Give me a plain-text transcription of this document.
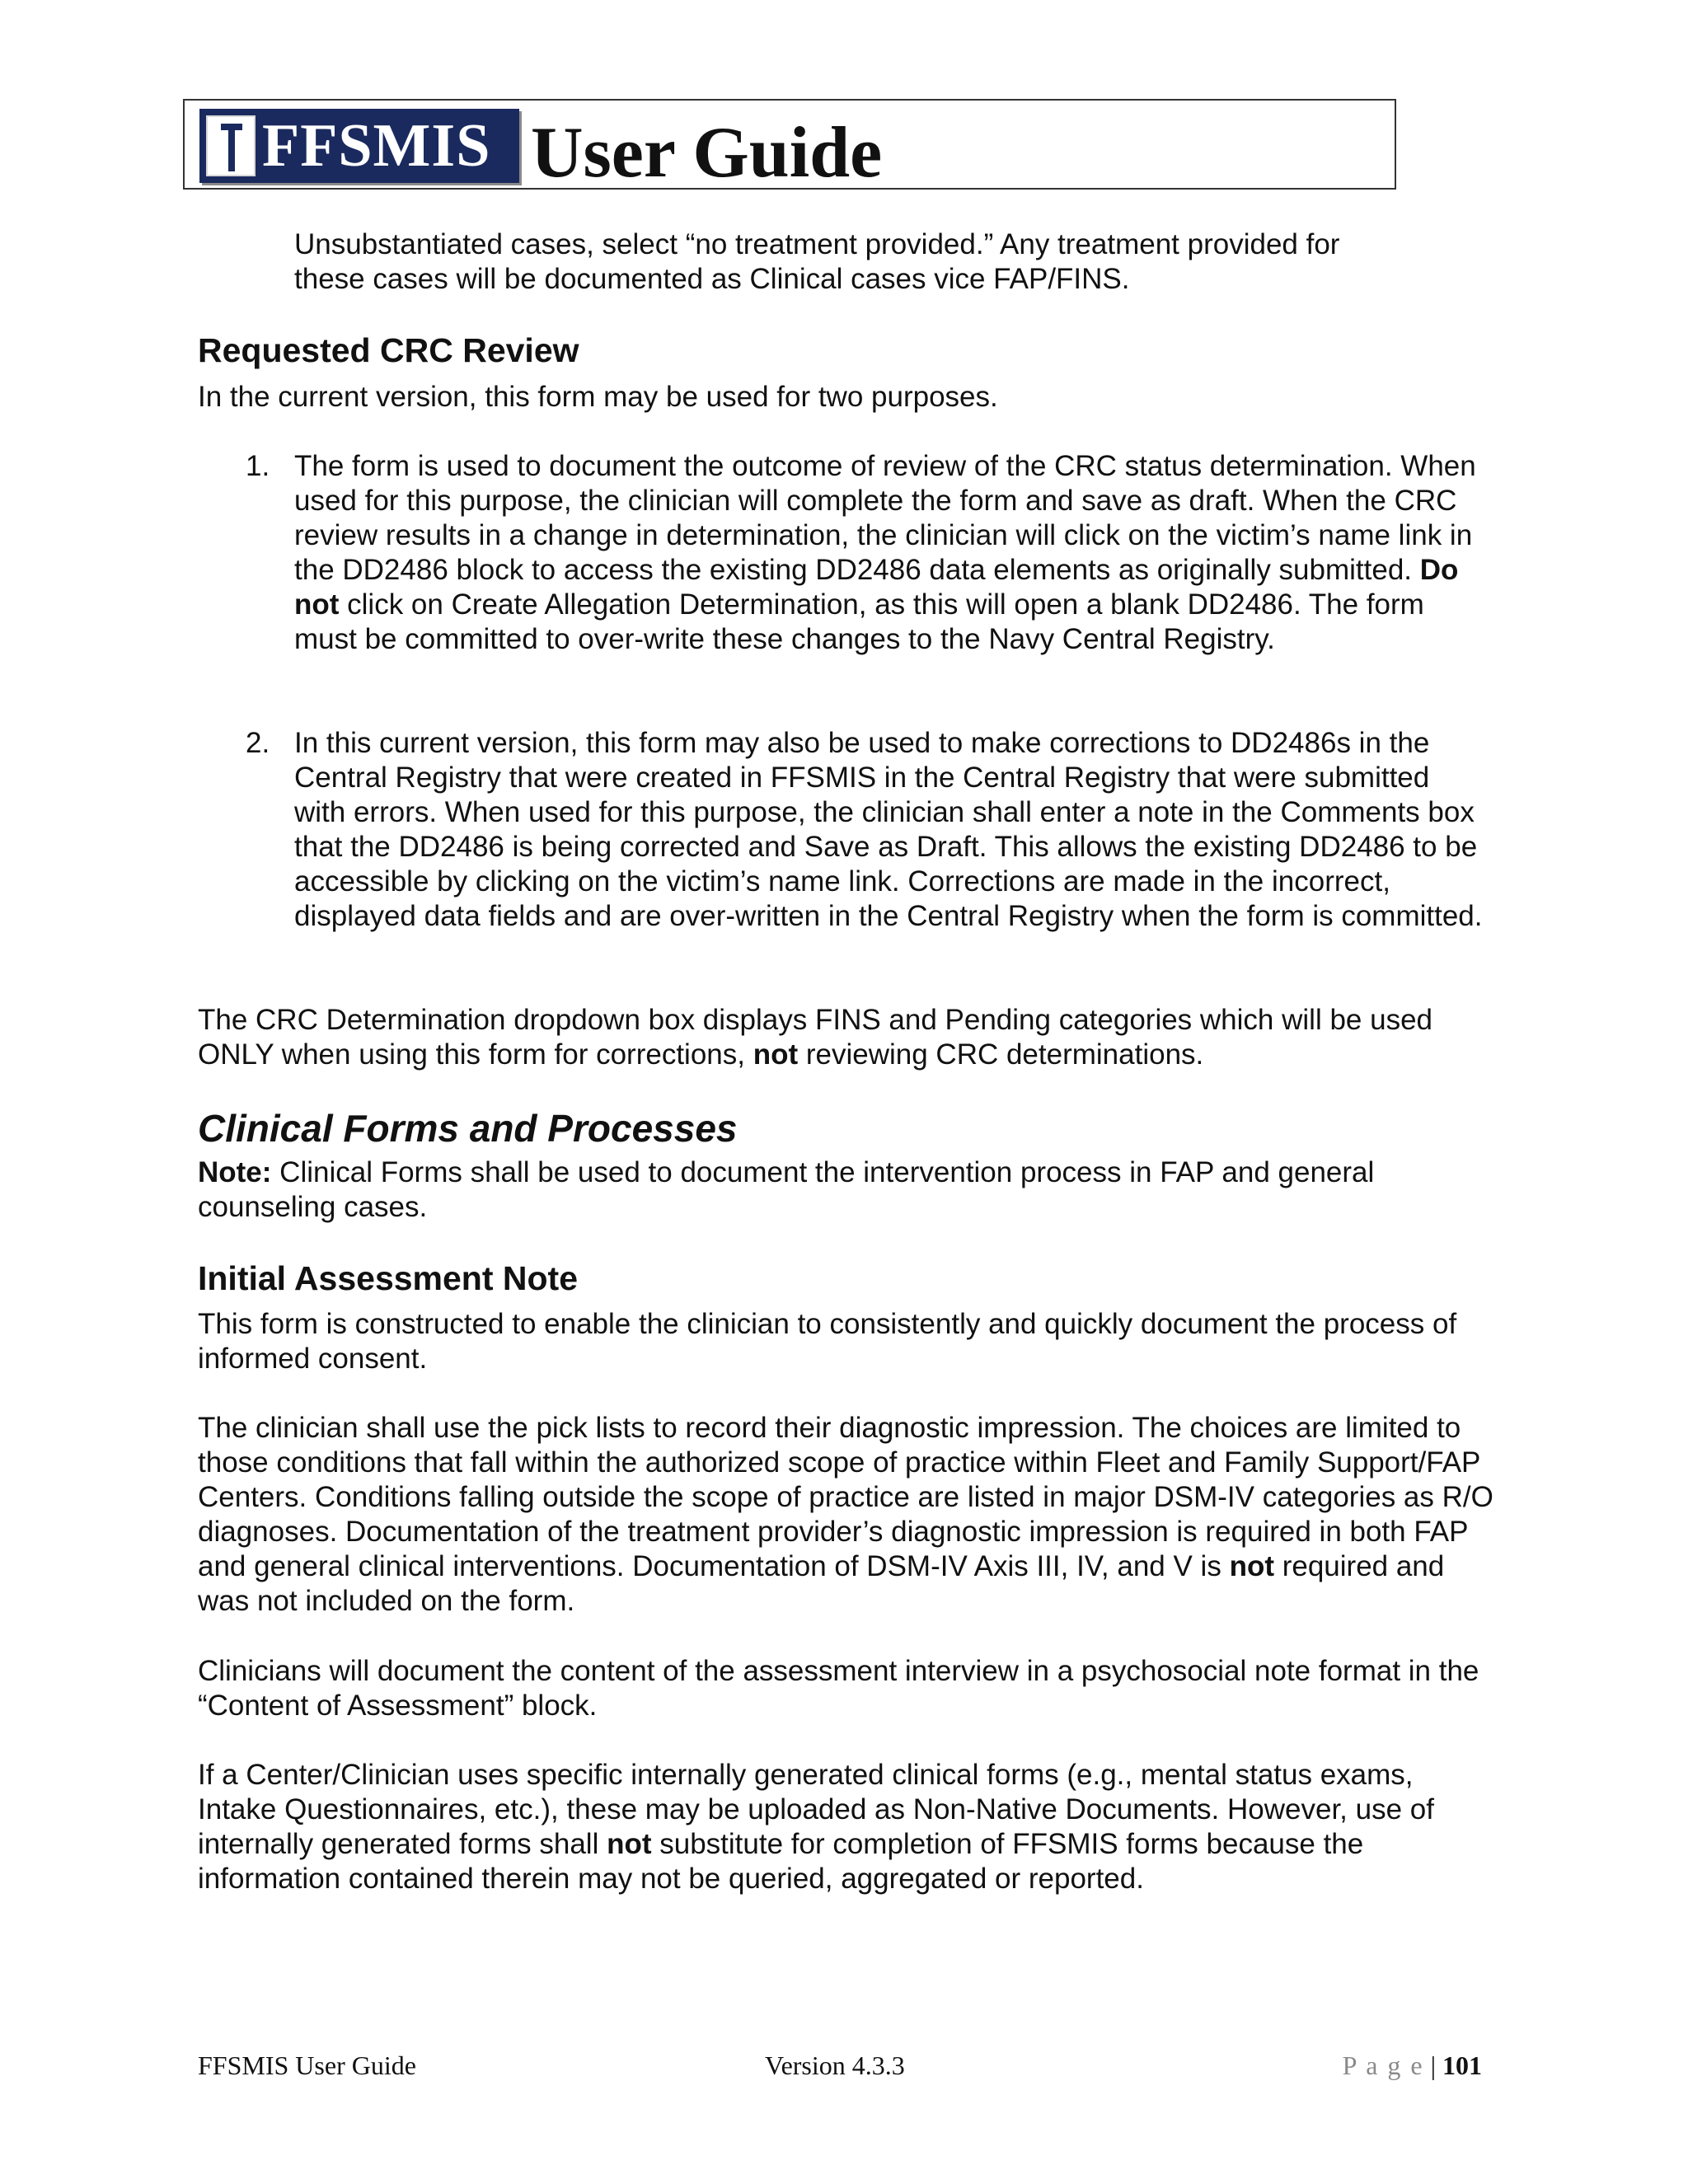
FFSMIS User Guide

Unsubstantiated cases, select “no treatment provided.” Any treatment provided for

these cases will be documented as Clinical cases vice FAP/FINS.

Requested CRC Review

In the current version, this form may be used for two purposes.

1. The form is used to document the outcome of review of the CRC status determination. When used for this purpose, the clinician will complete the form and save as draft. When the CRC review results in a change in determination, the clinician will click on the victim’s name link in the DD2486 block to access the existing DD2486 data elements as originally submitted. Do not click on Create Allegation Determination, as this will open a blank DD2486. The form must be committed to over-write these changes to the Navy Central Registry.

2. In this current version, this form may also be used to make corrections to DD2486s in the Central Registry that were created in FFSMIS in the Central Registry that were submitted with errors. When used for this purpose, the clinician shall enter a note in the Comments box that the DD2486 is being corrected and Save as Draft. This allows the existing DD2486 to be accessible by clicking on the victim’s name link. Corrections are made in the incorrect, displayed data fields and are over-written in the Central Registry when the form is committed.

The CRC Determination dropdown box displays FINS and Pending categories which will be used ONLY when using this form for corrections, not reviewing CRC determinations.

Clinical Forms and Processes

Note: Clinical Forms shall be used to document the intervention process in FAP and general counseling cases.

Initial Assessment Note

This form is constructed to enable the clinician to consistently and quickly document the process of informed consent.

The clinician shall use the pick lists to record their diagnostic impression. The choices are limited to those conditions that fall within the authorized scope of practice within Fleet and Family Support/FAP Centers. Conditions falling outside the scope of practice are listed in major DSM-IV categories as R/O diagnoses. Documentation of the treatment provider’s diagnostic impression is required in both FAP and general clinical interventions. Documentation of DSM-IV Axis III, IV, and V is not required and was not included on the form.

Clinicians will document the content of the assessment interview in a psychosocial note format in the “Content of Assessment” block.

If a Center/Clinician uses specific internally generated clinical forms (e.g., mental status exams, Intake Questionnaires, etc.), these may be uploaded as Non-Native Documents. However, use of internally generated forms shall not substitute for completion of FFSMIS forms because the information contained therein may not be queried, aggregated or reported.

FFSMIS User Guide	Version 4.3.3	P a g e | 101
